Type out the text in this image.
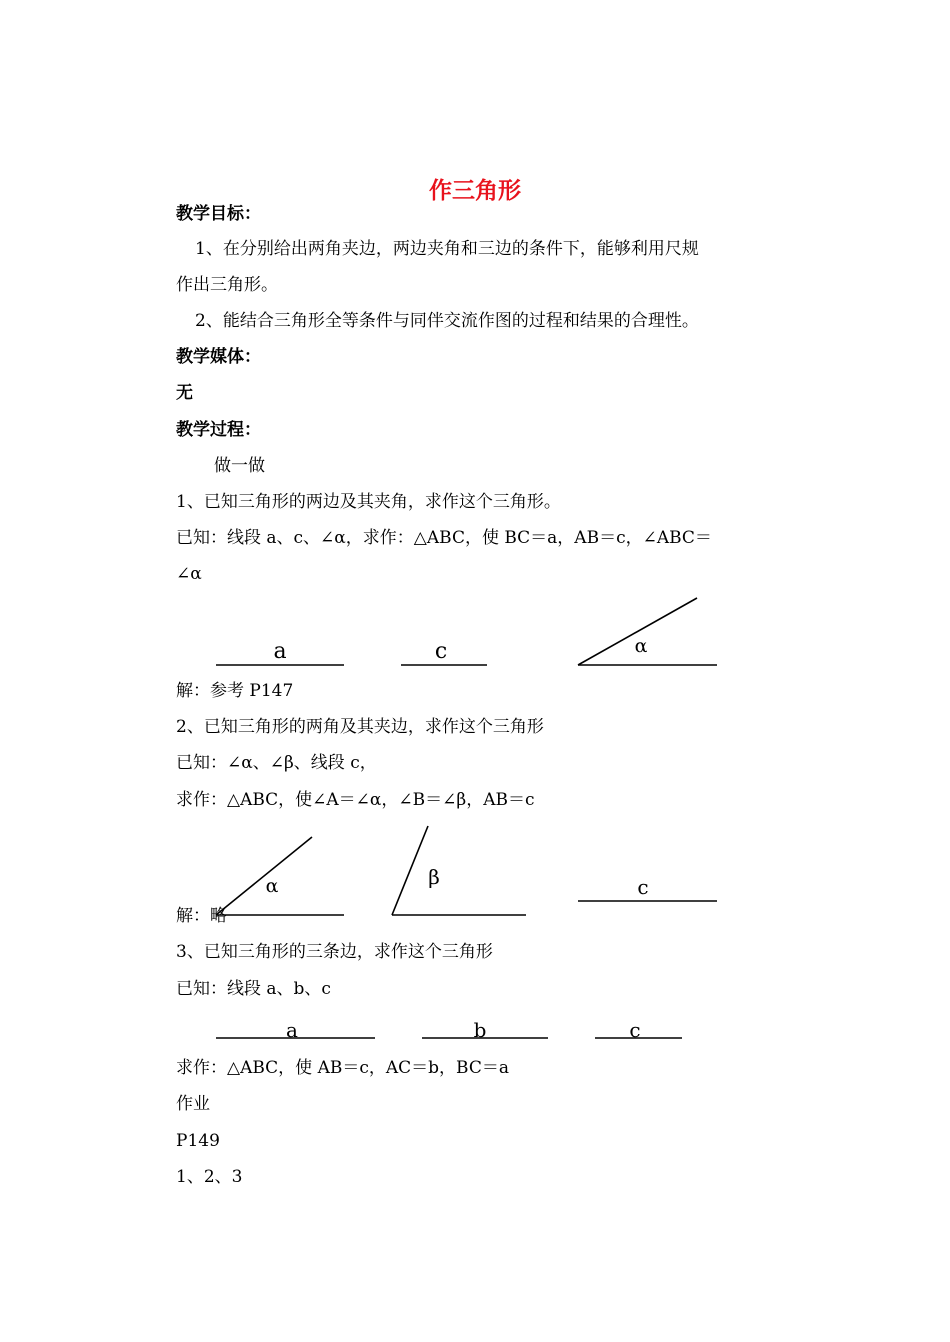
作三角形
教学目标：
1、在分别给出两角夹边，两边夹角和三边的条件下，能够利用尺规
作出三角形。
2、能结合三角形全等条件与同伴交流作图的过程和结果的合理性。
教学媒体：
无
教学过程：
做一做
1、已知三角形的两边及其夹角，求作这个三角形。
已知：线段 a、c、∠α，求作：△ABC，使 BC＝a，AB＝c，∠ABC＝
∠α
a	c	α
解：参考 P147
2、已知三角形的两角及其夹边，求作这个三角形
已知：∠α、∠β、线段 c，
求作：△ABC，使∠A＝∠α，∠B＝∠β，AB＝c
α	β	c
解：略
3、已知三角形的三条边，求作这个三角形
已知：线段 a、b、c
a	b	c
求作：△ABC，使 AB＝c，AC＝b，BC＝a
作业
P149
1、2、3
